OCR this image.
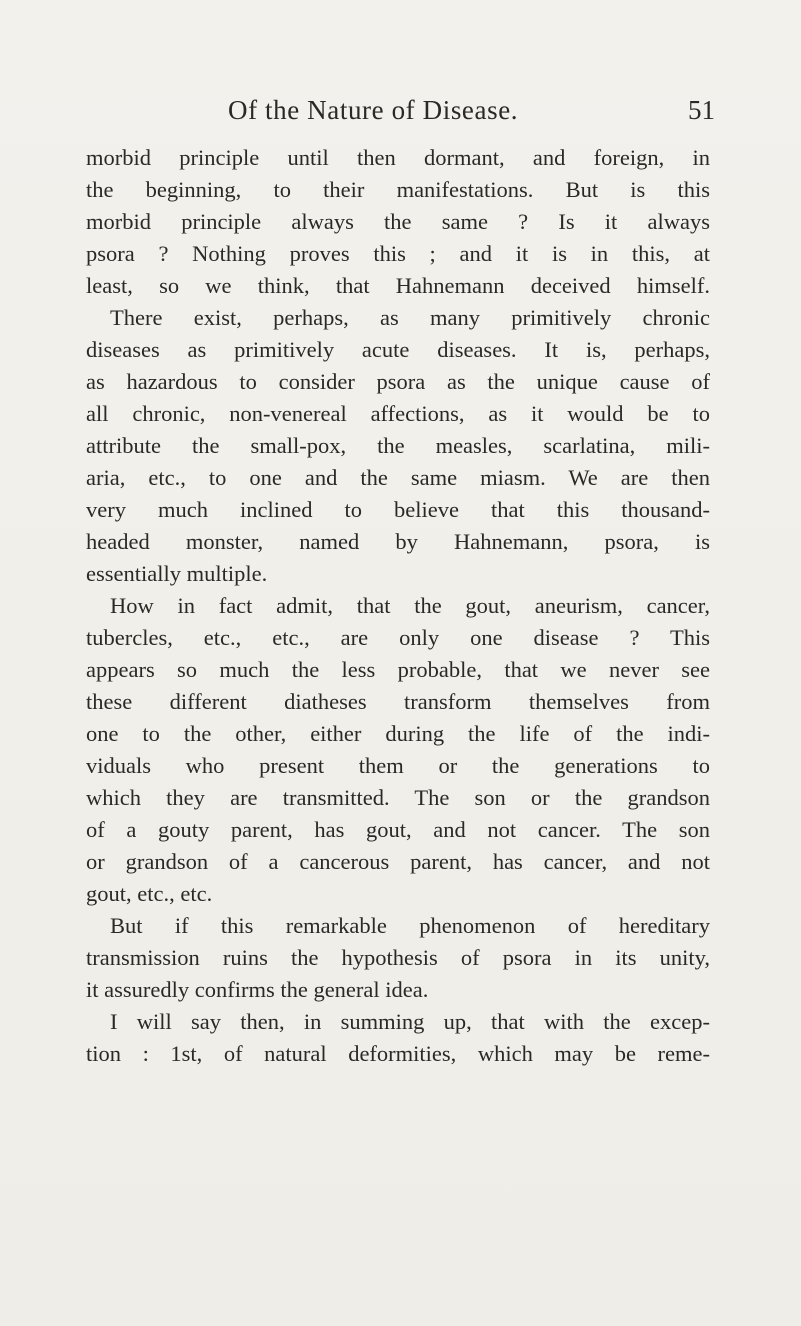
Of the Nature of Disease.	51
morbid principle until then dormant, and foreign, in
the beginning, to their manifestations. But is this
morbid principle always the same ? Is it always
psora ? Nothing proves this ; and it is in this, at
least, so we think, that Hahnemann deceived himself.
There exist, perhaps, as many primitively chronic
diseases as primitively acute diseases. It is, perhaps,
as hazardous to consider psora as the unique cause of
all chronic, non-venereal affections, as it would be to
attribute the small-pox, the measles, scarlatina, mili-
aria, etc., to one and the same miasm. We are then
very much inclined to believe that this thousand-
headed monster, named by Hahnemann, psora, is
essentially multiple.
How in fact admit, that the gout, aneurism, cancer,
tubercles, etc., etc., are only one disease ? This
appears so much the less probable, that we never see
these different diatheses transform themselves from
one to the other, either during the life of the indi-
viduals who present them or the generations to
which they are transmitted. The son or the grandson
of a gouty parent, has gout, and not cancer. The son
or grandson of a cancerous parent, has cancer, and not
gout, etc., etc.
But if this remarkable phenomenon of hereditary
transmission ruins the hypothesis of psora in its unity,
it assuredly confirms the general idea.
I will say then, in summing up, that with the excep-
tion : 1st, of natural deformities, which may be reme-
